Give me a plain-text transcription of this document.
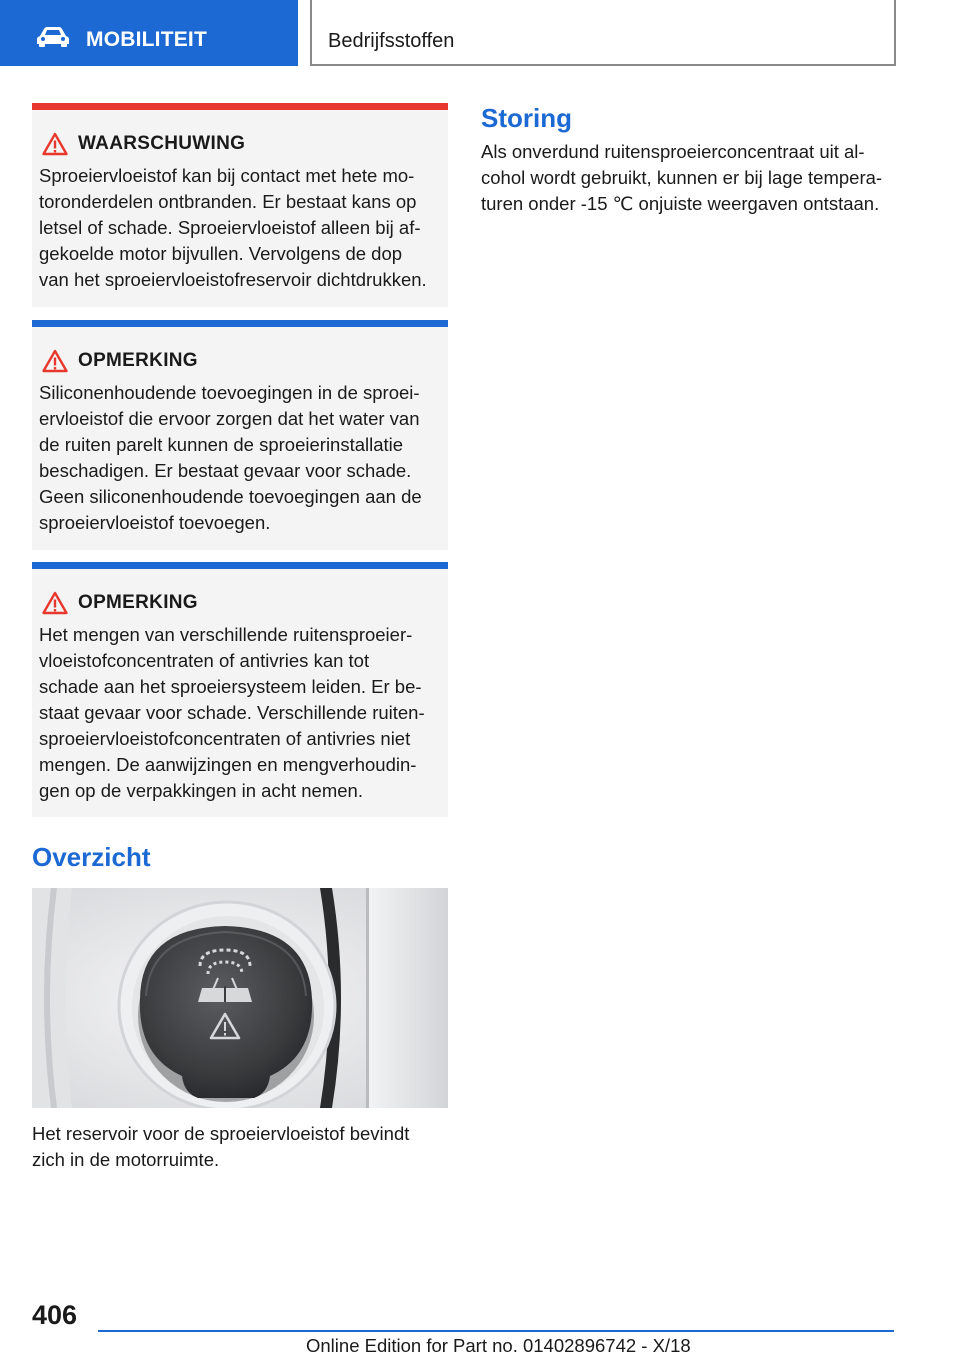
MOBILITEIT	Bedrijfsstoffen
WAARSCHUWING
Sproeiervloeistof kan bij contact met hete mo-
toronderdelen ontbranden. Er bestaat kans op
letsel of schade. Sproeiervloeistof alleen bij af-
gekoelde motor bijvullen. Vervolgens de dop
van het sproeiervloeistofreservoir dichtdrukken.
OPMERKING
Siliconenhoudende toevoegingen in de sproei-
ervloeistof die ervoor zorgen dat het water van
de ruiten parelt kunnen de sproeierinstallatie
beschadigen. Er bestaat gevaar voor schade.
Geen siliconenhoudende toevoegingen aan de
sproeiervloeistof toevoegen.
OPMERKING
Het mengen van verschillende ruitensproeier-
vloeistofconcentraten of antivries kan tot
schade aan het sproeiersysteem leiden. Er be-
staat gevaar voor schade. Verschillende ruiten-
sproeiervloeistofconcentraten of antivries niet
mengen. De aanwijzingen en mengverhoudin-
gen op de verpakkingen in acht nemen.
Overzicht
Het reservoir voor de sproeiervloeistof bevindt
zich in de motorruimte.
Storing
Als onverdund ruitensproeierconcentraat uit al-
cohol wordt gebruikt, kunnen er bij lage tempera-
turen onder -15 ℃ onjuiste weergaven ontstaan.
406
Online Edition for Part no. 01402896742 - X/18
